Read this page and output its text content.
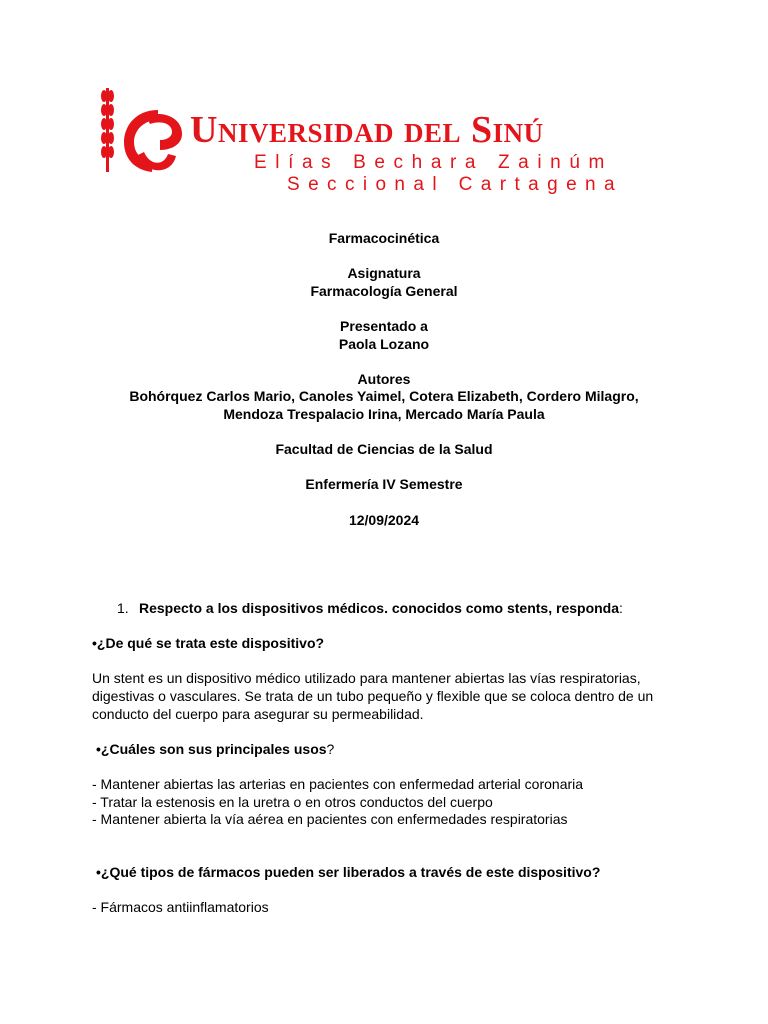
Universidad del Sinú
Elías Bechara Zainúm
Seccional Cartagena
Farmacocinética
Asignatura
Farmacología General
Presentado a
Paola Lozano
Autores
Bohórquez Carlos Mario, Canoles Yaimel, Cotera Elizabeth, Cordero Milagro,
Mendoza Trespalacio Irina, Mercado María Paula
Facultad de Ciencias de la Salud
Enfermería IV Semestre
12/09/2024

1. Respecto a los dispositivos médicos. conocidos como stents, responda:

•¿De qué se trata este dispositivo?

Un stent es un dispositivo médico utilizado para mantener abiertas las vías respiratorias, digestivas o vasculares. Se trata de un tubo pequeño y flexible que se coloca dentro de un conducto del cuerpo para asegurar su permeabilidad.

•¿Cuáles son sus principales usos?

- Mantener abiertas las arterias en pacientes con enfermedad arterial coronaria

- Tratar la estenosis en la uretra o en otros conductos del cuerpo

- Mantener abierta la vía aérea en pacientes con enfermedades respiratorias

•¿Qué tipos de fármacos pueden ser liberados a través de este dispositivo?

- Fármacos antiinflamatorios
